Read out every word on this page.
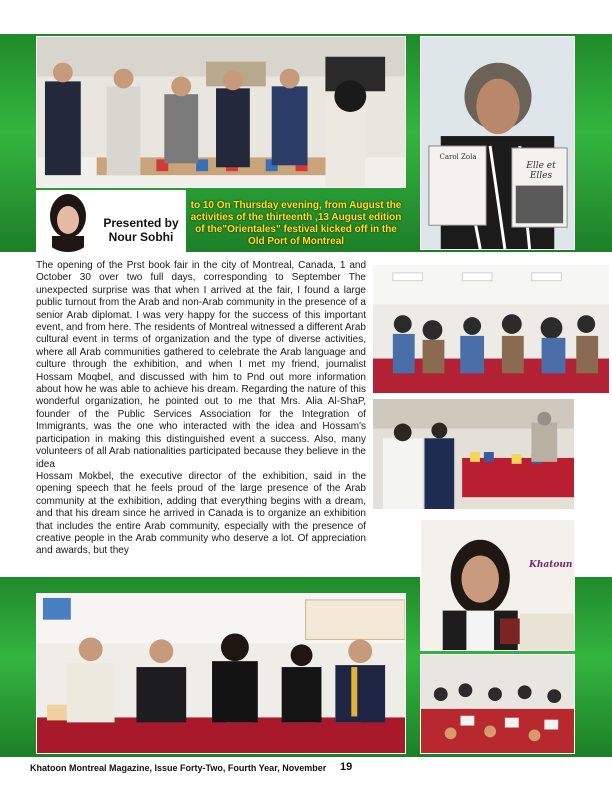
Carol Zola
Elle et Elles
Presented by Nour Sobhi
to 10 On Thursday evening, from August the activities of the thirteenth ,13 August edition of the"Orientales" festival kicked off in the Old Port of Montreal
Khatoun

The opening of the Prst book fair in the city of Montreal, Canada, 1 and October 30 over two full days, corresponding to September The unexpected surprise was that when I arrived at the fair, I found a large public turnout from the Arab and non-Arab community in the presence of a senior Arab diplomat. I was very happy for the success of this important event, and from here. The residents of Montreal witnessed a different Arab cultural event in terms of organization and the type of diverse activities, where all Arab communities gathered to celebrate the Arab language and culture through the exhibition, and when I met my friend, journalist Hossam Moqbel, and discussed with him to Pnd out more information about how he was able to achieve his dream. Regarding the nature of this wonderful organization, he pointed out to me that Mrs. Alia Al-ShaP, founder of the Public Services Association for the Integration of Immigrants, was the one who interacted with the idea and Hossam's participation in making this distinguished event a success. Also, many volunteers of all Arab nationalities participated because they believe in the idea

Hossam Mokbel, the executive director of the exhibition, said in the opening speech that he feels proud of the large presence of the Arab community at the exhibition, adding that everything begins with a dream, and that his dream since he arrived in Canada is to organize an exhibition that includes the entire Arab community, especially with the presence of creative people in the Arab community who deserve a lot. Of appreciation and awards, but they

Khatoon Montreal Magazine, Issue Forty-Two, Fourth Year, November	19
